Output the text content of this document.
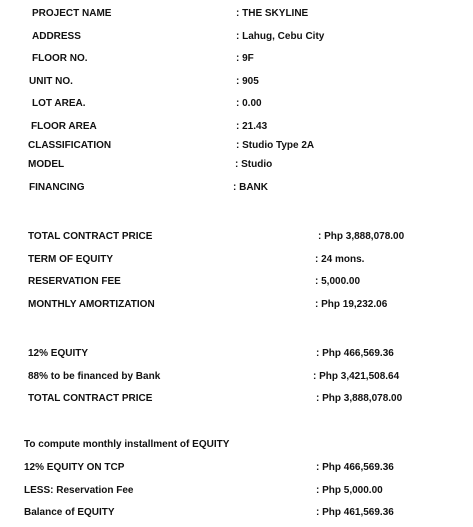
PROJECT NAME	: THE SKYLINE
ADDRESS	: Lahug, Cebu City
FLOOR NO.	: 9F
UNIT NO.	: 905
LOT AREA.	: 0.00
FLOOR AREA	: 21.43
CLASSIFICATION	: Studio Type 2A
MODEL	: Studio
FINANCING	: BANK
TOTAL CONTRACT PRICE	: Php 3,888,078.00
TERM OF EQUITY	: 24 mons.
RESERVATION FEE	: 5,000.00
MONTHLY AMORTIZATION	: Php 19,232.06
12% EQUITY	: Php 466,569.36
88% to be financed by Bank	: Php 3,421,508.64
TOTAL CONTRACT PRICE	: Php 3,888,078.00
To compute monthly installment of EQUITY
12% EQUITY ON TCP	: Php 466,569.36
LESS: Reservation Fee	: Php 5,000.00
Balance of EQUITY	: Php 461,569.36
